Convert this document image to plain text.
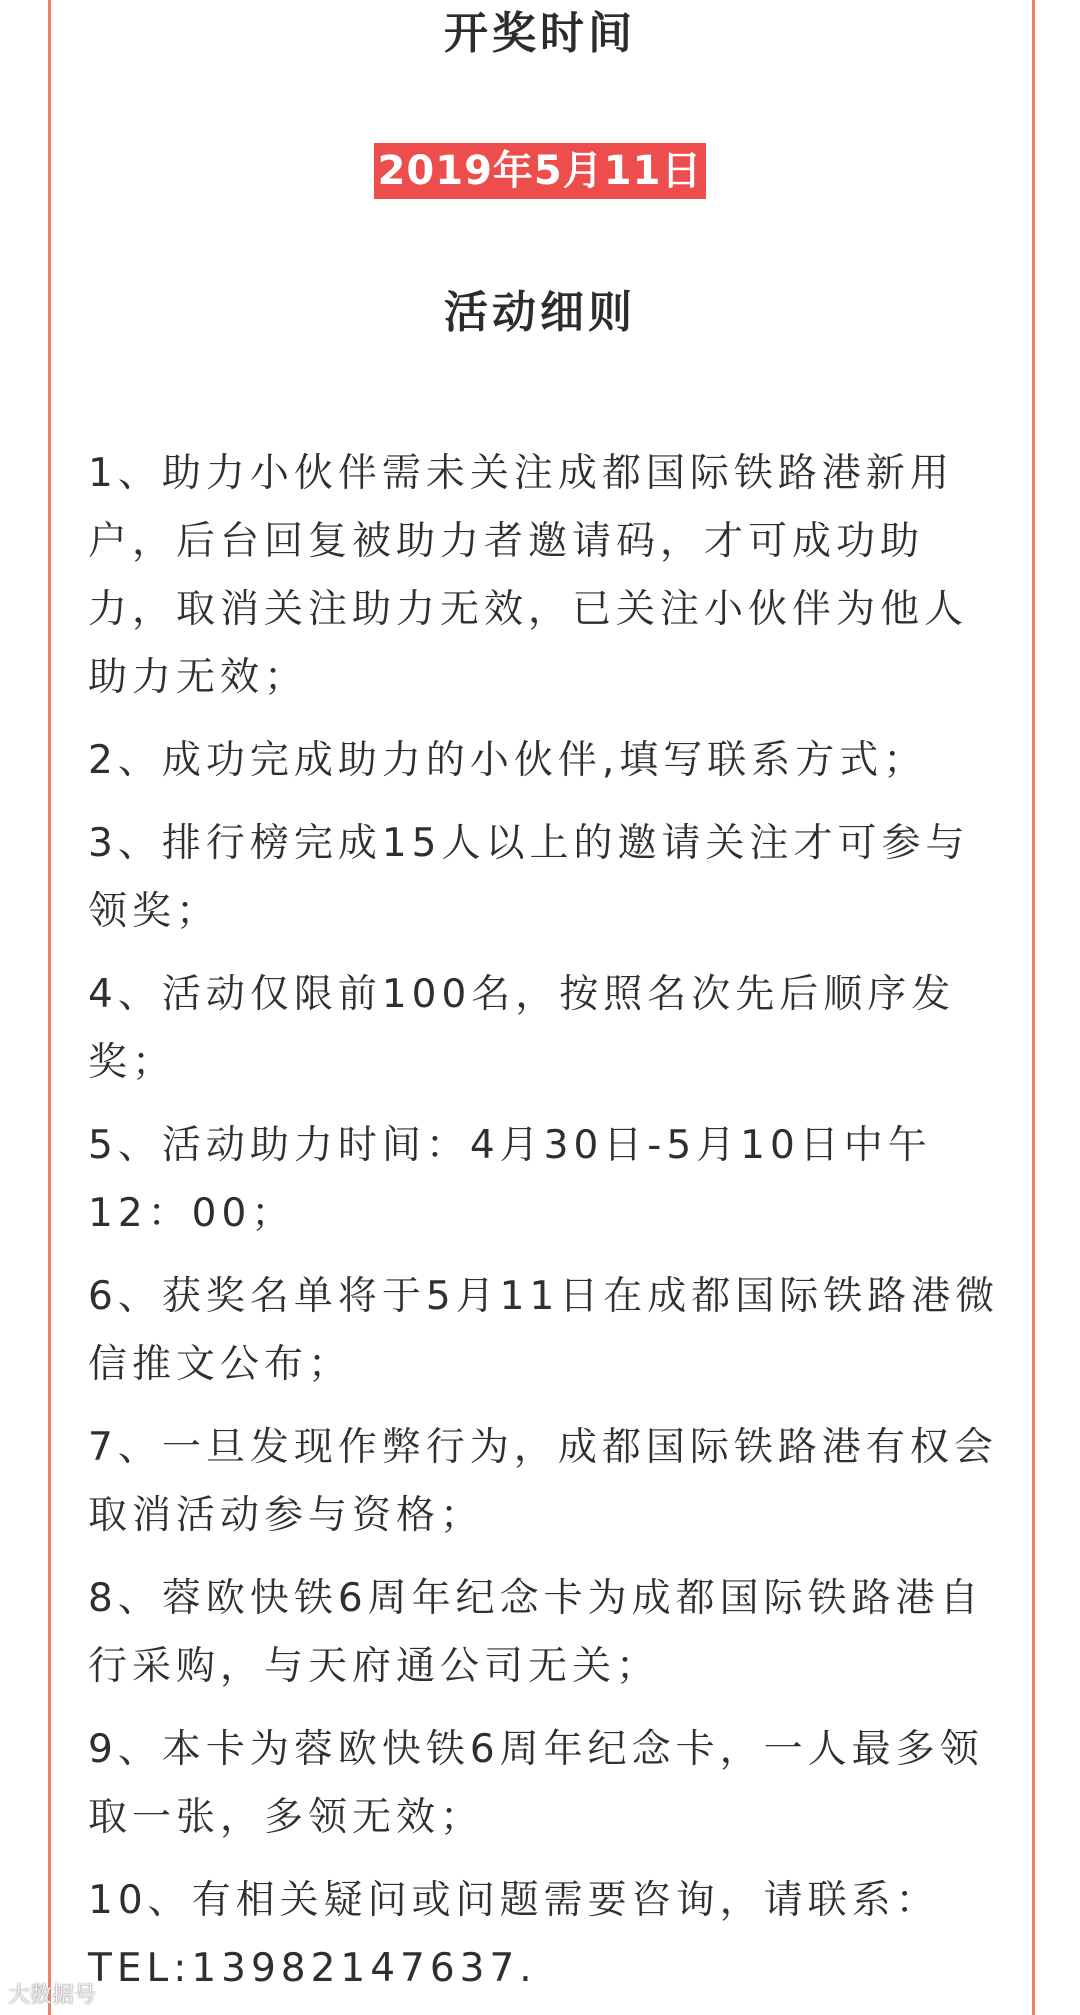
开奖时间
2019年5月11日
活动细则
1、助力小伙伴需未关注成都国际铁路港新用户，后台回复被助力者邀请码，才可成功助力，取消关注助力无效，已关注小伙伴为他人助力无效；
2、成功完成助力的小伙伴,填写联系方式；
3、排行榜完成15人以上的邀请关注才可参与领奖；
4、活动仅限前100名，按照名次先后顺序发奖；
5、活动助力时间：4月30日-5月10日中午12：00；
6、获奖名单将于5月11日在成都国际铁路港微信推文公布；
7、一旦发现作弊行为，成都国际铁路港有权会取消活动参与资格；
8、蓉欧快铁6周年纪念卡为成都国际铁路港自行采购，与天府通公司无关；
9、本卡为蓉欧快铁6周年纪念卡，一人最多领取一张，多领无效；
10、有相关疑问或问题需要咨询，请联系：TEL:13982147637.
大数据号
